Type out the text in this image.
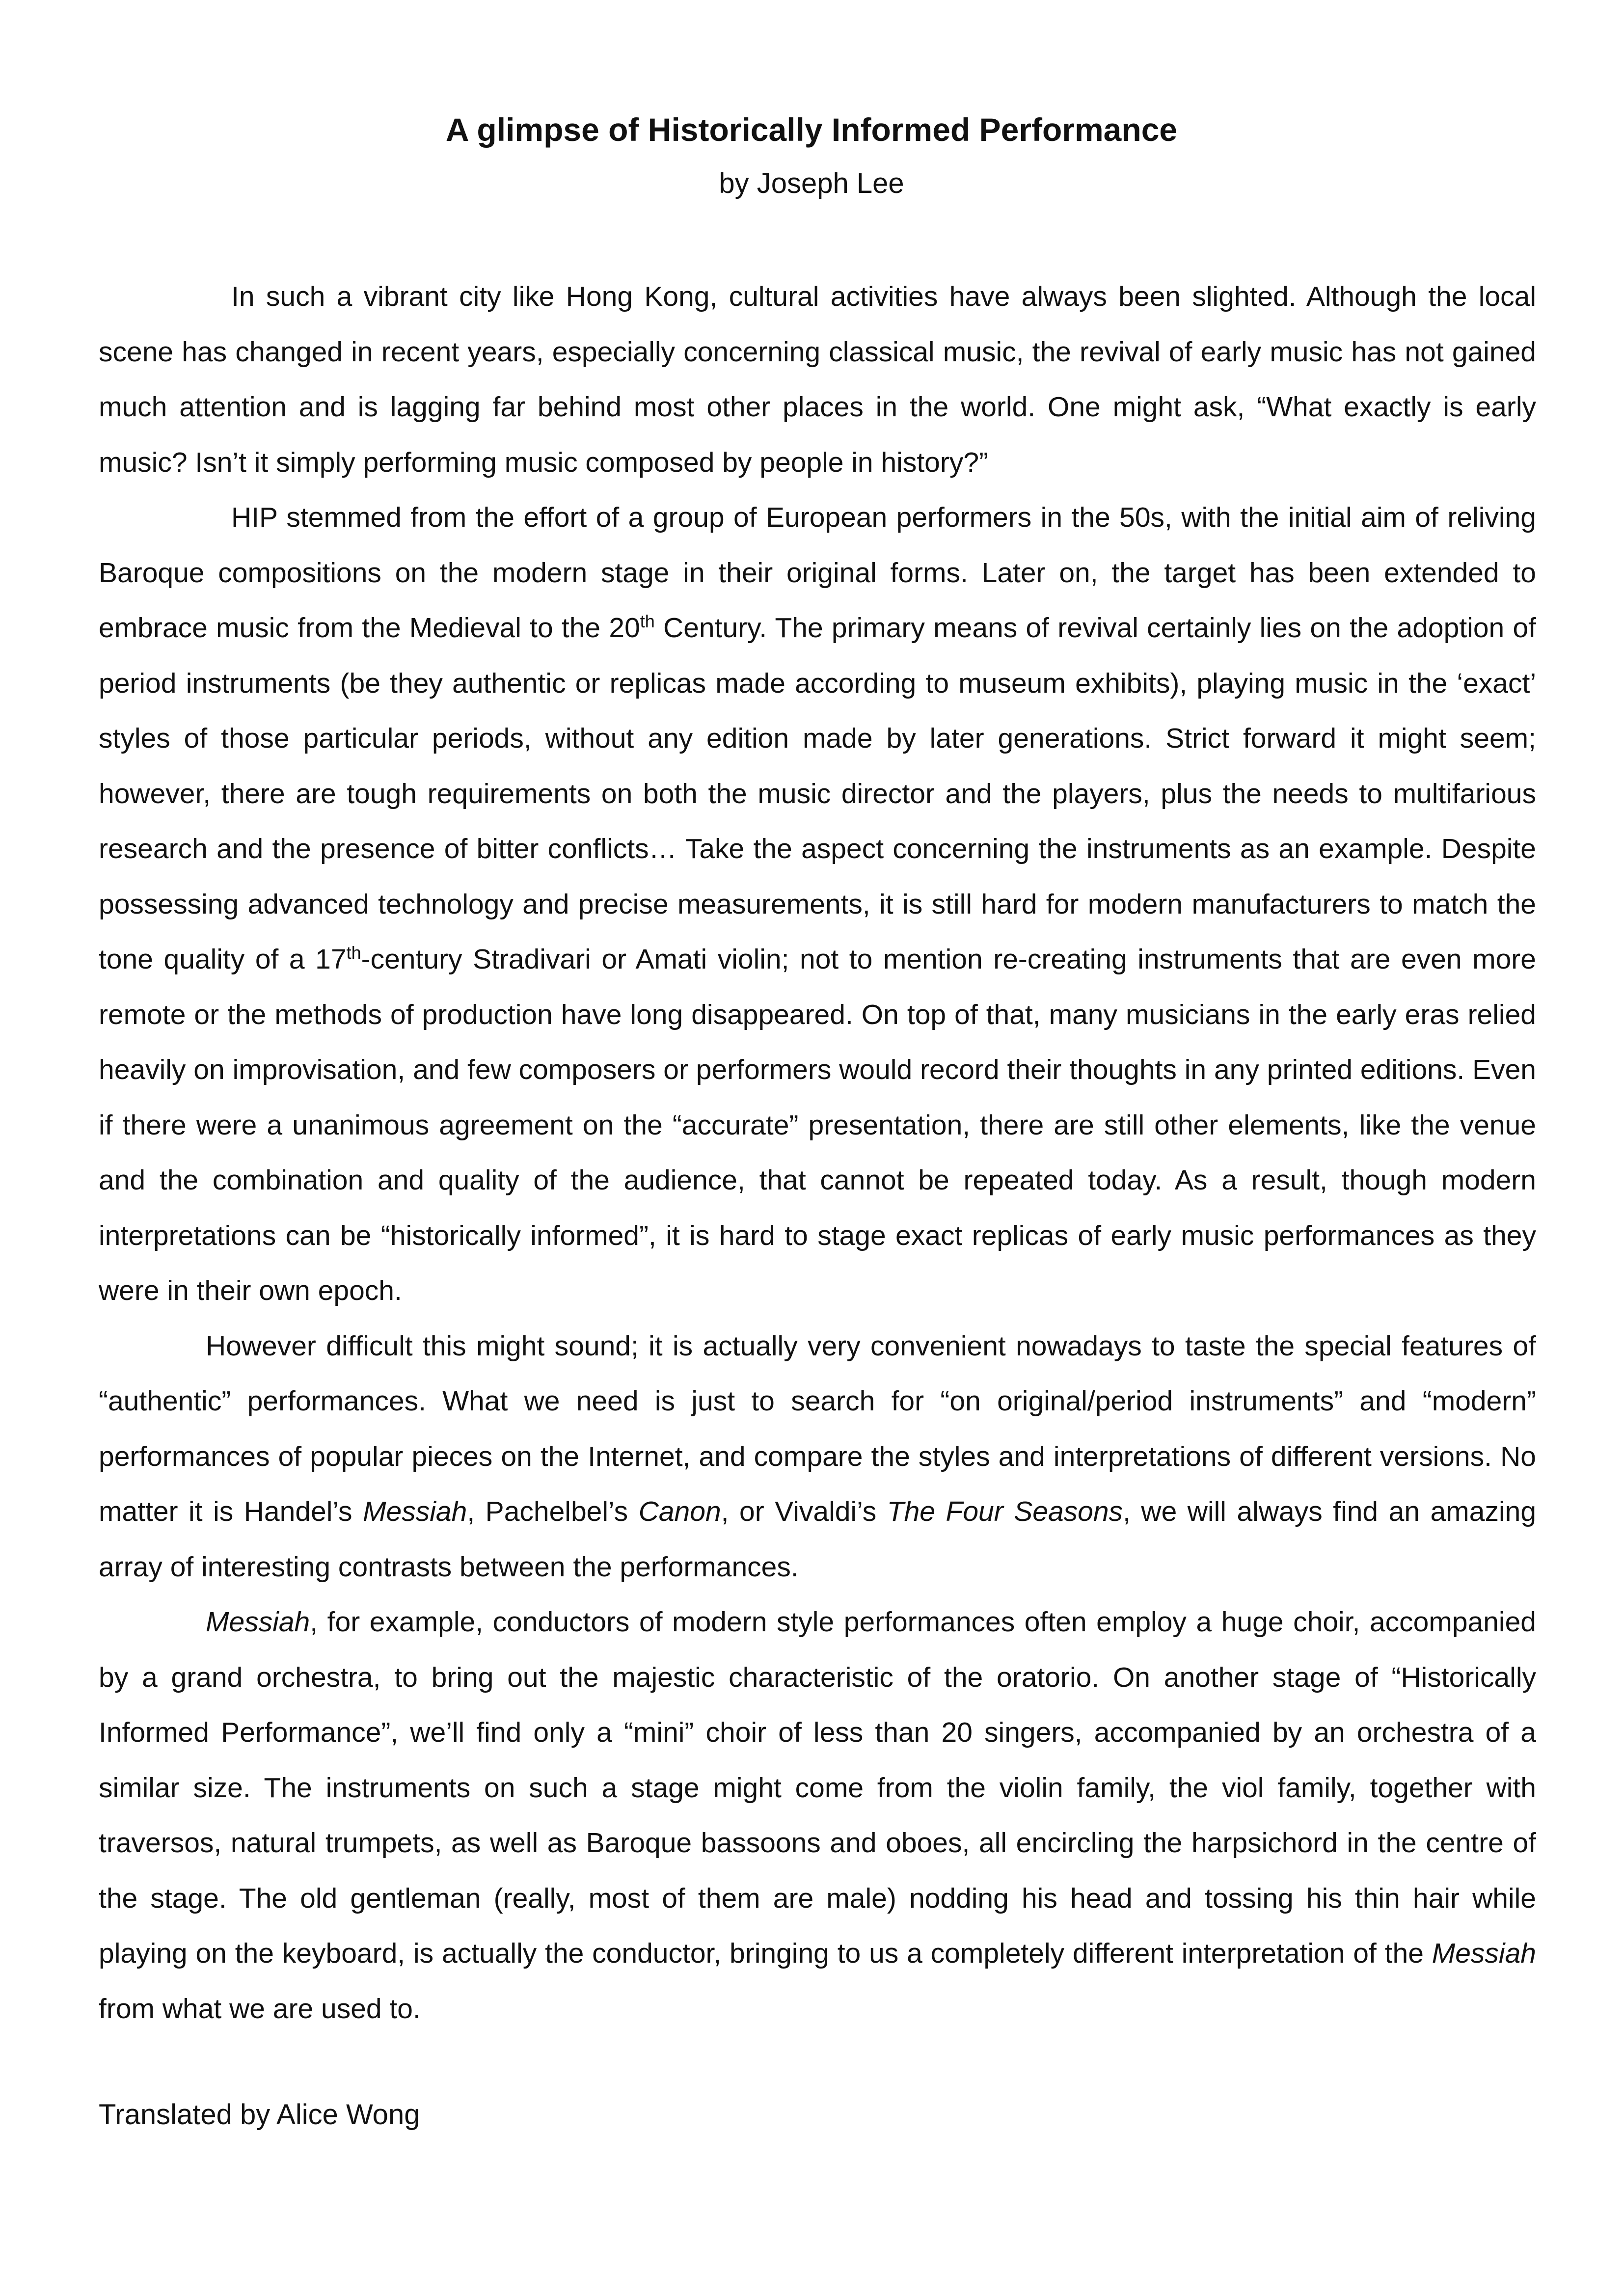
A glimpse of Historically Informed Performance

by Joseph Lee

In such a vibrant city like Hong Kong, cultural activities have always been slighted. Although the local scene has changed in recent years, especially concerning classical music, the revival of early music has not gained much attention and is lagging far behind most other places in the world. One might ask, “What exactly is early music? Isn’t it simply performing music composed by people in history?”

HIP stemmed from the effort of a group of European performers in the 50s, with the initial aim of reliving Baroque compositions on the modern stage in their original forms. Later on, the target has been extended to embrace music from the Medieval to the 20th Century. The primary means of revival certainly lies on the adoption of period instruments (be they authentic or replicas made according to museum exhibits), playing music in the ‘exact’ styles of those particular periods, without any edition made by later generations. Strict forward it might seem; however, there are tough requirements on both the music director and the players, plus the needs to multifarious research and the presence of bitter conflicts… Take the aspect concerning the instruments as an example. Despite possessing advanced technology and precise measurements, it is still hard for modern manufacturers to match the tone quality of a 17th-century Stradivari or Amati violin; not to mention re-creating instruments that are even more remote or the methods of production have long disappeared. On top of that, many musicians in the early eras relied heavily on improvisation, and few composers or performers would record their thoughts in any printed editions. Even if there were a unanimous agreement on the “accurate” presentation, there are still other elements, like the venue and the combination and quality of the audience, that cannot be repeated today. As a result, though modern interpretations can be “historically informed”, it is hard to stage exact replicas of early music performances as they were in their own epoch.

However difficult this might sound; it is actually very convenient nowadays to taste the special features of “authentic” performances. What we need is just to search for “on original/period instruments” and “modern” performances of popular pieces on the Internet, and compare the styles and interpretations of different versions. No matter it is Handel’s Messiah, Pachelbel’s Canon, or Vivaldi’s The Four Seasons, we will always find an amazing array of interesting contrasts between the performances.

Messiah, for example, conductors of modern style performances often employ a huge choir, accompanied by a grand orchestra, to bring out the majestic characteristic of the oratorio. On another stage of “Historically Informed Performance”, we’ll find only a “mini” choir of less than 20 singers, accompanied by an orchestra of a similar size. The instruments on such a stage might come from the violin family, the viol family, together with traversos, natural trumpets, as well as Baroque bassoons and oboes, all encircling the harpsichord in the centre of the stage. The old gentleman (really, most of them are male) nodding his head and tossing his thin hair while playing on the keyboard, is actually the conductor, bringing to us a completely different interpretation of the Messiah from what we are used to.

Translated by Alice Wong
